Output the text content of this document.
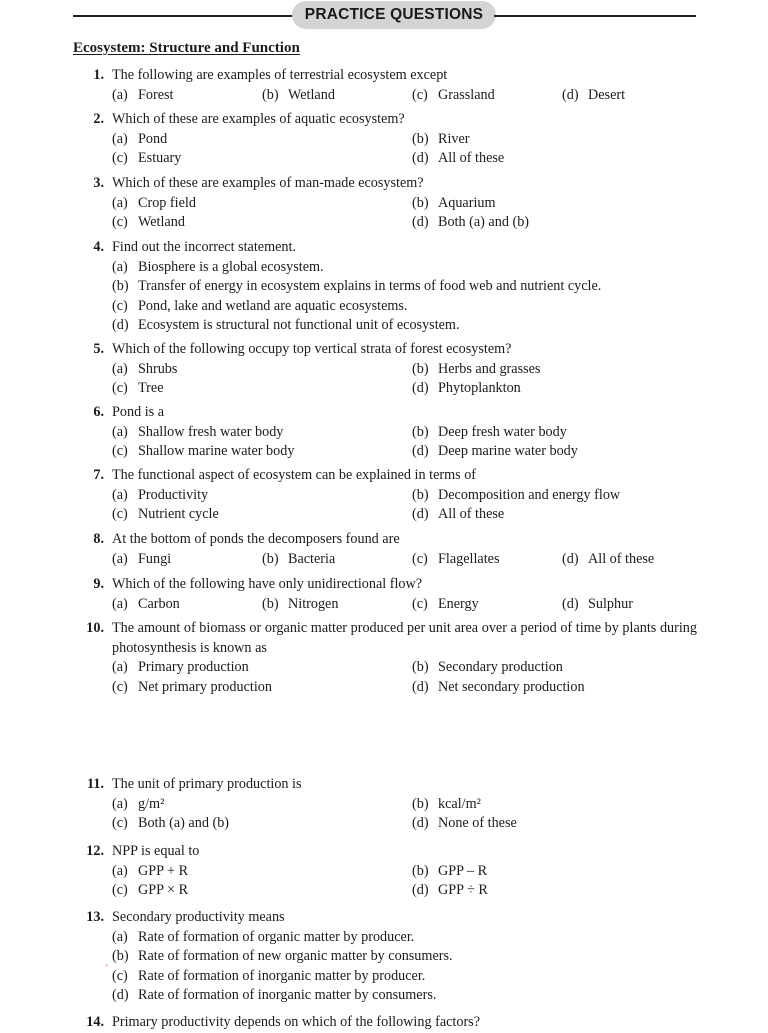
PRACTICE QUESTIONS
Ecosystem: Structure and Function
1. The following are examples of terrestrial ecosystem except
(a) Forest	(b) Wetland	(c) Grassland	(d) Desert
2. Which of these are examples of aquatic ecosystem?
(a) Pond	(b) River
(c) Estuary	(d) All of these
3. Which of these are examples of man-made ecosystem?
(a) Crop field	(b) Aquarium
(c) Wetland	(d) Both (a) and (b)
4. Find out the incorrect statement.
(a) Biosphere is a global ecosystem.
(b) Transfer of energy in ecosystem explains in terms of food web and nutrient cycle.
(c) Pond, lake and wetland are aquatic ecosystems.
(d) Ecosystem is structural not functional unit of ecosystem.
5. Which of the following occupy top vertical strata of forest ecosystem?
(a) Shrubs	(b) Herbs and grasses
(c) Tree	(d) Phytoplankton
6. Pond is a
(a) Shallow fresh water body	(b) Deep fresh water body
(c) Shallow marine water body	(d) Deep marine water body
7. The functional aspect of ecosystem can be explained in terms of
(a) Productivity	(b) Decomposition and energy flow
(c) Nutrient cycle	(d) All of these
8. At the bottom of ponds the decomposers found are
(a) Fungi	(b) Bacteria	(c) Flagellates	(d) All of these
9. Which of the following have only unidirectional flow?
(a) Carbon	(b) Nitrogen	(c) Energy	(d) Sulphur
10. The amount of biomass or organic matter produced per unit area over a period of time by plants during photosynthesis is known as
(a) Primary production	(b) Secondary production
(c) Net primary production	(d) Net secondary production
11. The unit of primary production is
(a) g/m²	(b) kcal/m²
(c) Both (a) and (b)	(d) None of these
12. NPP is equal to
(a) GPP + R	(b) GPP – R
(c) GPP × R	(d) GPP ÷ R
13. Secondary productivity means
(a) Rate of formation of organic matter by producer.
(b) Rate of formation of new organic matter by consumers.
(c) Rate of formation of inorganic matter by producer.
(d) Rate of formation of inorganic matter by consumers.
'
14. Primary productivity depends on which of the following factors?
